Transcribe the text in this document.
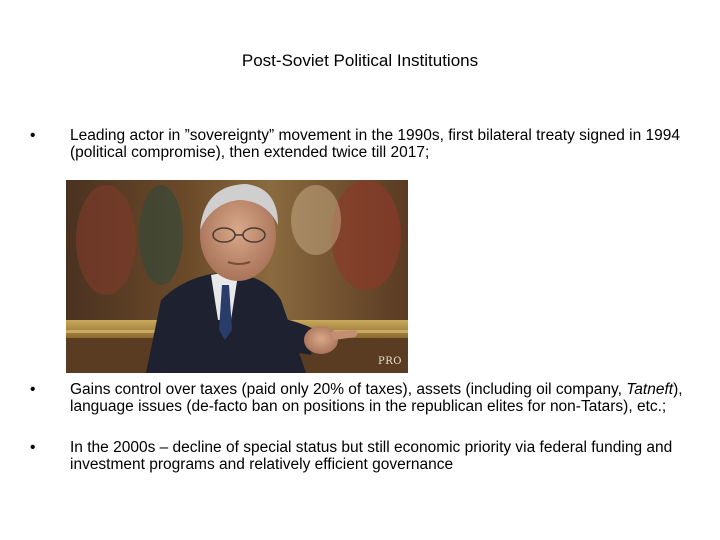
Post-Soviet Political Institutions
•	Leading actor in ”sovereignty” movement in the 1990s, first bilateral treaty signed in 1994 (political compromise), then extended twice till 2017;
PRO
•	Gains control over taxes (paid only 20% of taxes), assets (including oil company, Tatneft), language issues (de-facto ban on positions in the republican elites for non-Tatars), etc.;
•	In the 2000s – decline of special status but still economic priority via federal funding and investment programs and relatively efficient governance
